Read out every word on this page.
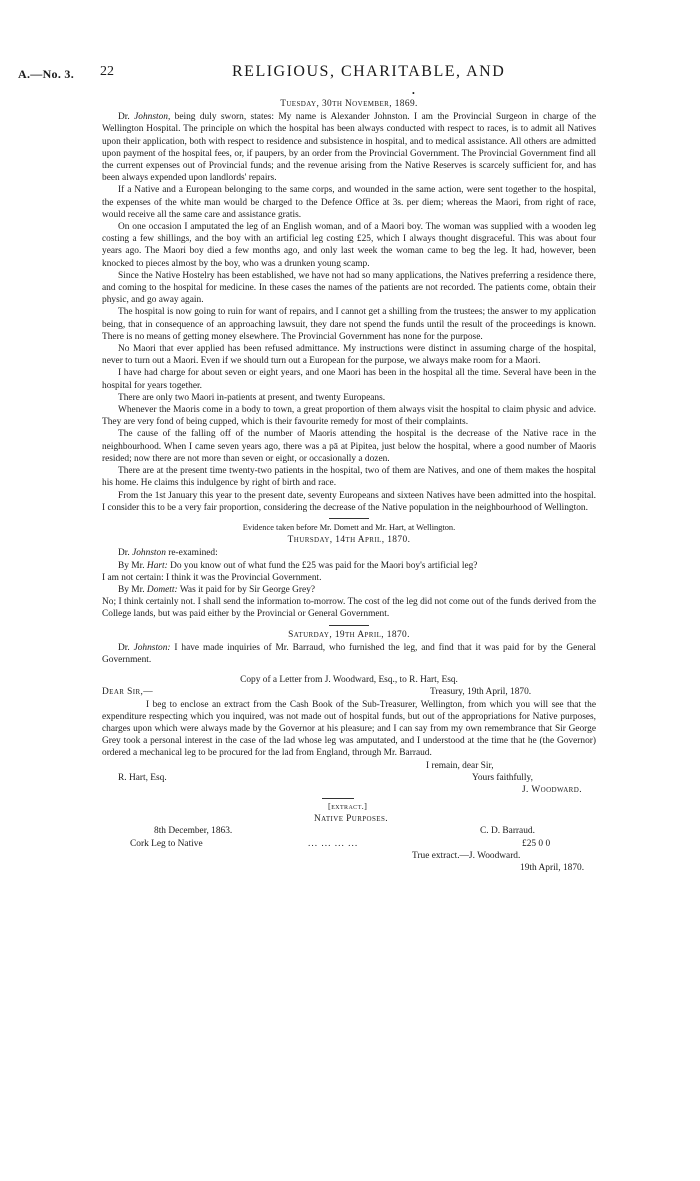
A.—No. 3. 22	RELIGIOUS, CHARITABLE, AND
•
Tuesday, 30th November, 1869.

Dr. Johnston, being duly sworn, states: My name is Alexander Johnston. I am the Provincial Surgeon in charge of the Wellington Hospital. The principle on which the hospital has been always conducted with respect to races, is to admit all Natives upon their application, both with respect to residence and subsistence in hospital, and to medical assistance. All others are admitted upon payment of the hospital fees, or, if paupers, by an order from the Provincial Government. The Provincial Government find all the current expenses out of Provincial funds; and the revenue arising from the Native Reserves is scarcely sufficient for, and has been always expended upon landlords' repairs.

If a Native and a European belonging to the same corps, and wounded in the same action, were sent together to the hospital, the expenses of the white man would be charged to the Defence Office at 3s. per diem; whereas the Maori, from right of race, would receive all the same care and assistance gratis.

On one occasion I amputated the leg of an English woman, and of a Maori boy. The woman was supplied with a wooden leg costing a few shillings, and the boy with an artificial leg costing £25, which I always thought disgraceful. This was about four years ago. The Maori boy died a few months ago, and only last week the woman came to beg the leg. It had, however, been knocked to pieces almost by the boy, who was a drunken young scamp.

Since the Native Hostelry has been established, we have not had so many applications, the Natives preferring a residence there, and coming to the hospital for medicine. In these cases the names of the patients are not recorded. The patients come, obtain their physic, and go away again.

The hospital is now going to ruin for want of repairs, and I cannot get a shilling from the trustees; the answer to my application being, that in consequence of an approaching lawsuit, they dare not spend the funds until the result of the proceedings is known. There is no means of getting money elsewhere. The Provincial Government has none for the purpose.

No Maori that ever applied has been refused admittance. My instructions were distinct in assuming charge of the hospital, never to turn out a Maori. Even if we should turn out a European for the purpose, we always make room for a Maori.

I have had charge for about seven or eight years, and one Maori has been in the hospital all the time. Several have been in the hospital for years together.

There are only two Maori in-patients at present, and twenty Europeans.

Whenever the Maoris come in a body to town, a great proportion of them always visit the hospital to claim physic and advice. They are very fond of being cupped, which is their favourite remedy for most of their complaints.

The cause of the falling off of the number of Maoris attending the hospital is the decrease of the Native race in the neighbourhood. When I came seven years ago, there was a pā at Pipitea, just below the hospital, where a good number of Maoris resided; now there are not more than seven or eight, or occasionally a dozen.

There are at the present time twenty-two patients in the hospital, two of them are Natives, and one of them makes the hospital his home. He claims this indulgence by right of birth and race.

From the 1st January this year to the present date, seventy Europeans and sixteen Natives have been admitted into the hospital. I consider this to be a very fair proportion, considering the decrease of the Native population in the neighbourhood of Wellington.

Evidence taken before Mr. Domett and Mr. Hart, at Wellington.
Thursday, 14th April, 1870.

Dr. Johnston re-examined:

By Mr. Hart: Do you know out of what fund the £25 was paid for the Maori boy's artificial leg?

I am not certain: I think it was the Provincial Government.

By Mr. Domett: Was it paid for by Sir George Grey?

No; I think certainly not. I shall send the information to-morrow. The cost of the leg did not come out of the funds derived from the College lands, but was paid either by the Provincial or General Government.

Saturday, 19th April, 1870.

Dr. Johnston: I have made inquiries of Mr. Barraud, who furnished the leg, and find that it was paid for by the General Government.

Copy of a Letter from J. Woodward, Esq., to R. Hart, Esq.
Dear Sir,—	Treasury, 19th April, 1870.

I beg to enclose an extract from the Cash Book of the Sub-Treasurer, Wellington, from which you will see that the expenditure respecting which you inquired, was not made out of hospital funds, but out of the appropriations for Native purposes, charges upon which were always made by the Governor at his pleasure; and I can say from my own remembrance that Sir George Grey took a personal interest in the case of the lad whose leg was amputated, and I understood at the time that he (the Governor) ordered a mechanical leg to be procured for the lad from England, through Mr. Barraud.

I remain, dear Sir,
R. Hart, Esq.	Yours faithfully,
J. Woodward.
[extract.]
Native Purposes.
8th December, 1863.	C. D. Barraud.
Cork Leg to Native	... ... ... ...	£25 0 0
True extract.—J. Woodward.
19th April, 1870.
